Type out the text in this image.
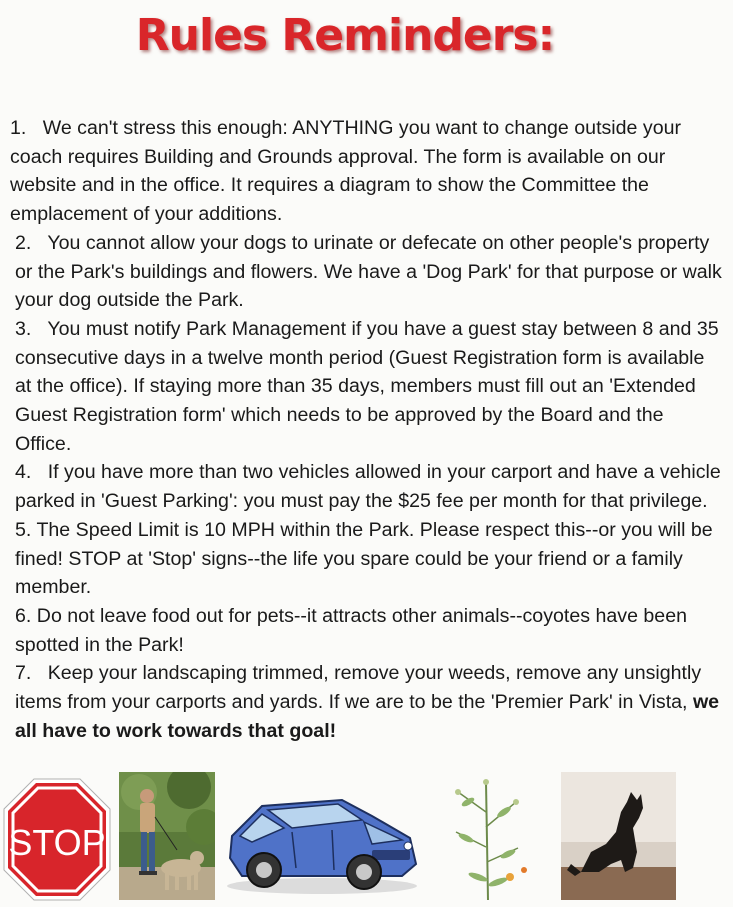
Rules Reminders:

1. We can't stress this enough: ANYTHING you want to change outside your coach requires Building and Grounds approval. The form is available on our website and in the office. It requires a diagram to show the Committee the emplacement of your additions.

2. You cannot allow your dogs to urinate or defecate on other people's property or the Park's buildings and flowers. We have a 'Dog Park' for that purpose or walk your dog outside the Park.

3. You must notify Park Management if you have a guest stay between 8 and 35 consecutive days in a twelve month period (Guest Registration form is available at the office). If staying more than 35 days, members must fill out an 'Extended Guest Registration form' which needs to be approved by the Board and the Office.

4. If you have more than two vehicles allowed in your carport and have a vehicle parked in 'Guest Parking': you must pay the $25 fee per month for that privilege.

5. The Speed Limit is 10 MPH within the Park. Please respect this--or you will be fined! STOP at 'Stop' signs--the life you spare could be your friend or a family member.

6. Do not leave food out for pets--it attracts other animals--coyotes have been spotted in the Park!

7. Keep your landscaping trimmed, remove your weeds, remove any unsightly items from your carports and yards. If we are to be the 'Premier Park' in Vista, we all have to work towards that goal!

STOP
